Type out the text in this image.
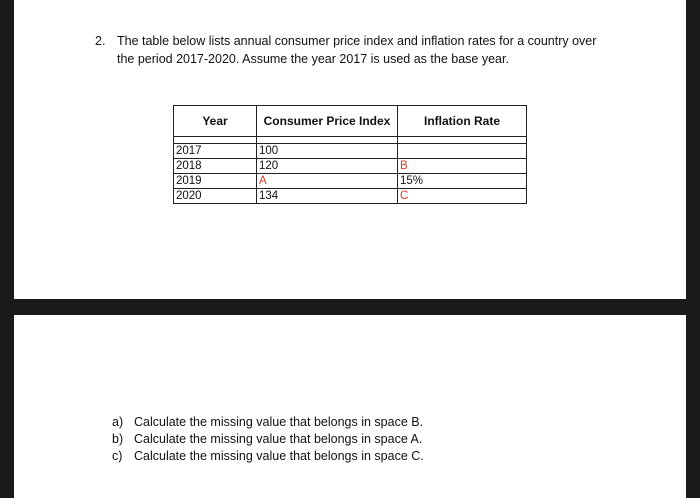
2. The table below lists annual consumer price index and inflation rates for a country over the period 2017-2020. Assume the year 2017 is used as the base year.
Year	Consumer Price Index	Inflation Rate

2017	100	
2018	120	B
2019	A	15%
2020	134	C
a) Calculate the missing value that belongs in space B.
b) Calculate the missing value that belongs in space A.
c) Calculate the missing value that belongs in space C.
